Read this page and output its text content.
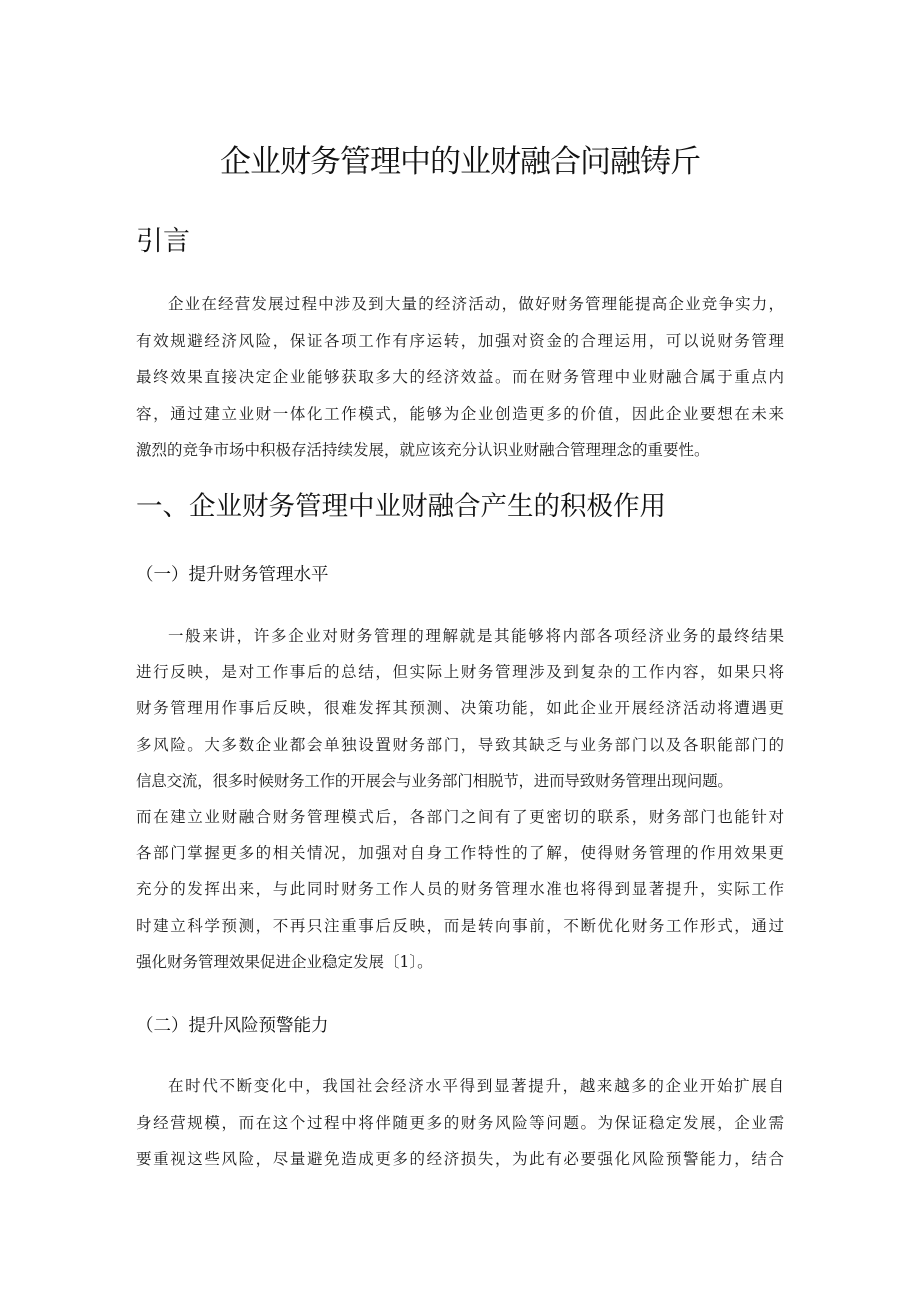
企业财务管理中的业财融合问融铸斤
引言
企业在经营发展过程中涉及到大量的经济活动，做好财务管理能提高企业竞争实力，
有效规避经济风险，保证各项工作有序运转，加强对资金的合理运用，可以说财务管理
最终效果直接决定企业能够获取多大的经济效益。而在财务管理中业财融合属于重点内
容，通过建立业财一体化工作模式，能够为企业创造更多的价值，因此企业要想在未来
激烈的竞争市场中积极存活持续发展，就应该充分认识业财融合管理理念的重要性。
一、企业财务管理中业财融合产生的积极作用
（一）提升财务管理水平
一般来讲，许多企业对财务管理的理解就是其能够将内部各项经济业务的最终结果
进行反映，是对工作事后的总结，但实际上财务管理涉及到复杂的工作内容，如果只将
财务管理用作事后反映，很难发挥其预测、决策功能，如此企业开展经济活动将遭遇更
多风险。大多数企业都会单独设置财务部门，导致其缺乏与业务部门以及各职能部门的
信息交流，很多时候财务工作的开展会与业务部门相脱节，进而导致财务管理出现问题。
而在建立业财融合财务管理模式后，各部门之间有了更密切的联系，财务部门也能针对
各部门掌握更多的相关情况，加强对自身工作特性的了解，使得财务管理的作用效果更
充分的发挥出来，与此同时财务工作人员的财务管理水准也将得到显著提升，实际工作
时建立科学预测，不再只注重事后反映，而是转向事前，不断优化财务工作形式，通过
强化财务管理效果促进企业稳定发展〔1〕。
（二）提升风险预警能力
在时代不断变化中，我国社会经济水平得到显著提升，越来越多的企业开始扩展自
身经营规模，而在这个过程中将伴随更多的财务风险等问题。为保证稳定发展，企业需
要重视这些风险，尽量避免造成更多的经济损失，为此有必要强化风险预警能力，结合
